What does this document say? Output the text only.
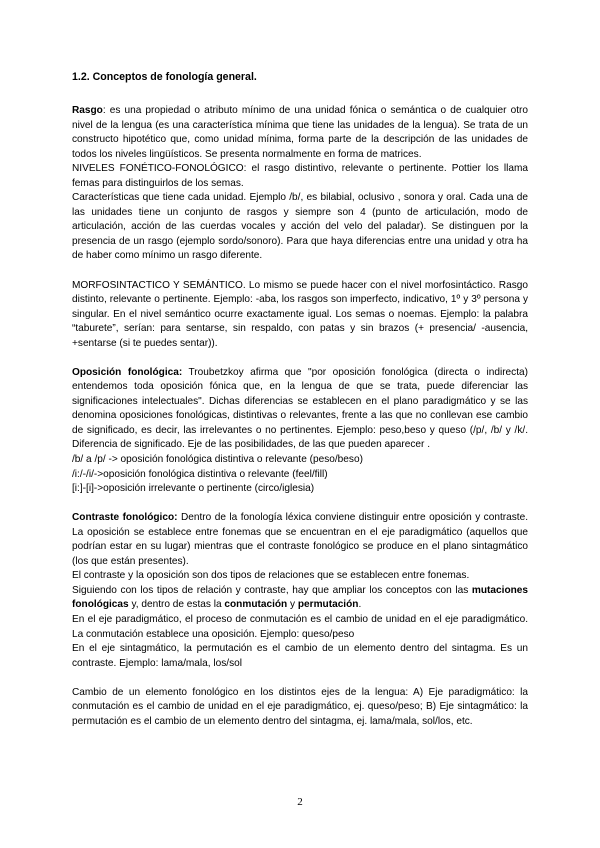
1.2. Conceptos de fonología general.

Rasgo: es una propiedad o atributo mínimo de una unidad fónica o semántica o de cualquier otro nivel de la lengua (es una característica mínima que tiene las unidades de la lengua). Se trata de un constructo hipotético que, como unidad mínima, forma parte de la descripción de las unidades de todos los niveles lingüísticos. Se presenta normalmente en forma de matrices.

NIVELES FONÉTICO-FONOLÓGICO: el rasgo distintivo, relevante o pertinente. Pottier los llama femas para distinguirlos de los semas.

Características que tiene cada unidad. Ejemplo /b/, es bilabial, oclusivo , sonora y oral. Cada una de las unidades tiene un conjunto de rasgos y siempre son 4 (punto de articulación, modo de articulación, acción de las cuerdas vocales y acción del velo del paladar). Se distinguen por la presencia de un rasgo (ejemplo sordo/sonoro). Para que haya diferencias entre una unidad y otra ha de haber como mínimo un rasgo diferente.

MORFOSINTACTICO Y SEMÁNTICO. Lo mismo se puede hacer con el nivel morfosintáctico. Rasgo distinto, relevante o pertinente. Ejemplo: -aba, los rasgos son imperfecto, indicativo, 1º y 3º persona y singular. En el nivel semántico ocurre exactamente igual. Los semas o noemas. Ejemplo: la palabra “taburete”, serían: para sentarse, sin respaldo, con patas y sin brazos (+ presencia/ -ausencia, +sentarse (si te puedes sentar)).

Oposición fonológica: Troubetzkoy afirma que "por oposición fonológica (directa o indirecta) entendemos toda oposición fónica que, en la lengua de que se trata, puede diferenciar las significaciones intelectuales". Dichas diferencias se establecen en el plano paradigmático y se las denomina oposiciones fonológicas, distintivas o relevantes, frente a las que no conllevan ese cambio de significado, es decir, las irrelevantes o no pertinentes. Ejemplo: peso,beso y queso (/p/, /b/ y /k/. Diferencia de significado. Eje de las posibilidades, de las que pueden aparecer .

/b/ a /p/ -> oposición fonológica distintiva o relevante (peso/beso)

/i:/-/i/->oposición fonológica distintiva o relevante (feel/fill)

[i:]-[i]->oposición irrelevante o pertinente (circo/iglesia)

Contraste fonológico: Dentro de la fonología léxica conviene distinguir entre oposición y contraste. La oposición se establece entre fonemas que se encuentran en el eje paradigmático (aquellos que podrían estar en su lugar) mientras que el contraste fonológico se produce en el plano sintagmático (los que están presentes).

El contraste y la oposición son dos tipos de relaciones que se establecen entre fonemas.

Siguiendo con los tipos de relación y contraste, hay que ampliar los conceptos con las mutaciones fonológicas y, dentro de estas la conmutación y permutación.

En el eje paradigmático, el proceso de conmutación es el cambio de unidad en el eje paradigmático. La conmutación establece una oposición. Ejemplo: queso/peso

En el eje sintagmático, la permutación es el cambio de un elemento dentro del sintagma. Es un contraste. Ejemplo: lama/mala, los/sol

Cambio de un elemento fonológico en los distintos ejes de la lengua: A) Eje paradigmático: la conmutación es el cambio de unidad en el eje paradigmático, ej. queso/peso; B) Eje sintagmático: la permutación es el cambio de un elemento dentro del sintagma, ej. lama/mala, sol/los, etc.

2
